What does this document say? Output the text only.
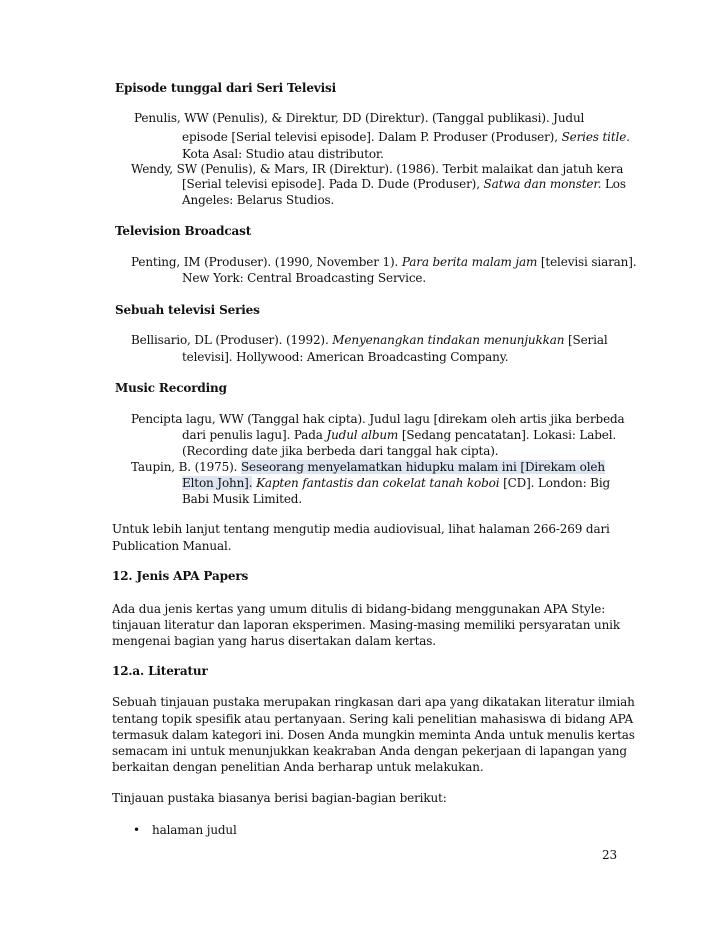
Episode tunggal dari Seri Televisi
Penulis, WW (Penulis), & Direktur, DD (Direktur). (Tanggal publikasi). Judul
episode [Serial televisi episode]. Dalam P. Produser (Produser), Series title.
Kota Asal: Studio atau distributor.
Wendy, SW (Penulis), & Mars, IR (Direktur). (1986). Terbit malaikat dan jatuh kera
[Serial televisi episode]. Pada D. Dude (Produser), Satwa dan monster. Los
Angeles: Belarus Studios.
Television Broadcast
Penting, IM (Produser). (1990, November 1). Para berita malam jam [televisi siaran].
New York: Central Broadcasting Service.
Sebuah televisi Series
Bellisario, DL (Produser). (1992). Menyenangkan tindakan menunjukkan [Serial
televisi]. Hollywood: American Broadcasting Company.
Music Recording
Pencipta lagu, WW (Tanggal hak cipta). Judul lagu [direkam oleh artis jika berbeda
dari penulis lagu]. Pada Judul album [Sedang pencatatan]. Lokasi: Label.
(Recording date jika berbeda dari tanggal hak cipta).
Taupin, B. (1975). Seseorang menyelamatkan hidupku malam ini [Direkam oleh
Elton John]. Kapten fantastis dan cokelat tanah koboi [CD]. London: Big
Babi Musik Limited.
Untuk lebih lanjut tentang mengutip media audiovisual, lihat halaman 266-269 dari
Publication Manual.
12. Jenis APA Papers
Ada dua jenis kertas yang umum ditulis di bidang-bidang menggunakan APA Style:
tinjauan literatur dan laporan eksperimen. Masing-masing memiliki persyaratan unik
mengenai bagian yang harus disertakan dalam kertas.
12.a. Literatur
Sebuah tinjauan pustaka merupakan ringkasan dari apa yang dikatakan literatur ilmiah
tentang topik spesifik atau pertanyaan. Sering kali penelitian mahasiswa di bidang APA
termasuk dalam kategori ini. Dosen Anda mungkin meminta Anda untuk menulis kertas
semacam ini untuk menunjukkan keakraban Anda dengan pekerjaan di lapangan yang
berkaitan dengan penelitian Anda berharap untuk melakukan.
Tinjauan pustaka biasanya berisi bagian-bagian berikut:
• halaman judul
23
